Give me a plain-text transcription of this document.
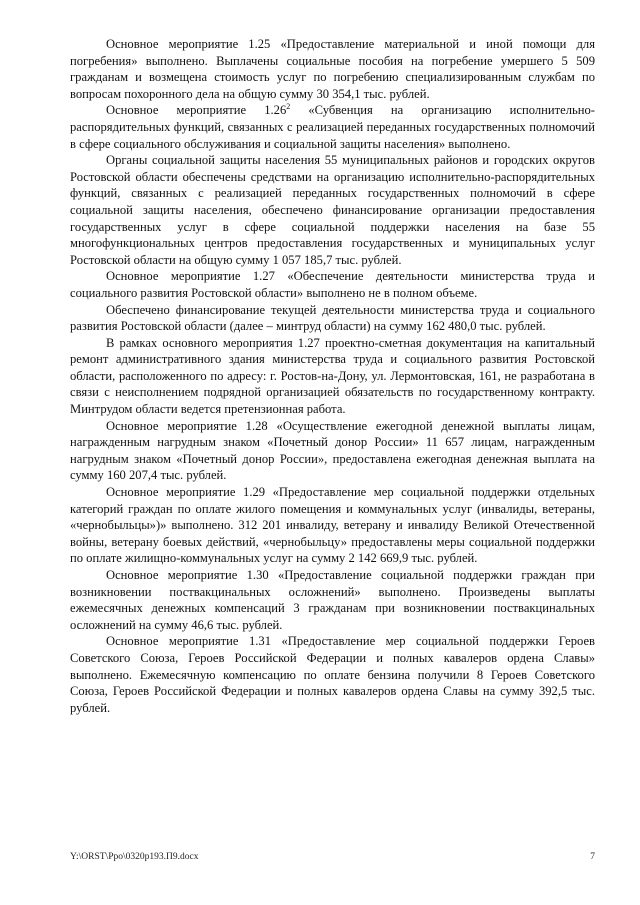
Основное мероприятие 1.25 «Предоставление материальной и иной помощи для погребения» выполнено. Выплачены социальные пособия на погребение умершего 5 509 гражданам и возмещена стоимость услуг по погребению специализированным службам по вопросам похоронного дела на общую сумму 30 354,1 тыс. рублей.

Основное мероприятие 1.26$^2$ «Субвенция на организацию исполнительно-распорядительных функций, связанных с реализацией переданных государственных полномочий в сфере социального обслуживания и социальной защиты населения» выполнено.

Органы социальной защиты населения 55 муниципальных районов и городских округов Ростовской области обеспечены средствами на организацию исполнительно-распорядительных функций, связанных с реализацией переданных государственных полномочий в сфере социальной защиты населения, обеспечено финансирование организации предоставления государственных услуг в сфере социальной поддержки населения на базе 55 многофункциональных центров предоставления государственных и муниципальных услуг Ростовской области на общую сумму 1 057 185,7 тыс. рублей.

Основное мероприятие 1.27 «Обеспечение деятельности министерства труда и социального развития Ростовской области» выполнено не в полном объеме.

Обеспечено финансирование текущей деятельности министерства труда и социального развития Ростовской области (далее – минтруд области) на сумму 162 480,0 тыс. рублей.

В рамках основного мероприятия 1.27 проектно-сметная документация на капитальный ремонт административного здания министерства труда и социального развития Ростовской области, расположенного по адресу: г. Ростов-на-Дону, ул. Лермонтовская, 161, не разработана в связи с неисполнением подрядной организацией обязательств по государственному контракту. Минтрудом области ведется претензионная работа.

Основное мероприятие 1.28 «Осуществление ежегодной денежной выплаты лицам, награжденным нагрудным знаком «Почетный донор России» 11 657 лицам, награжденным нагрудным знаком «Почетный донор России», предоставлена ежегодная денежная выплата на сумму 160 207,4 тыс. рублей.

Основное мероприятие 1.29 «Предоставление мер социальной поддержки отдельных категорий граждан по оплате жилого помещения и коммунальных услуг (инвалиды, ветераны, «чернобыльцы»)» выполнено. 312 201 инвалиду, ветерану и инвалиду Великой Отечественной войны, ветерану боевых действий, «чернобыльцу» предоставлены меры социальной поддержки по оплате жилищно-коммунальных услуг на сумму 2 142 669,9 тыс. рублей.

Основное мероприятие 1.30 «Предоставление социальной поддержки граждан при возникновении поствакцинальных осложнений» выполнено. Произведены выплаты ежемесячных денежных компенсаций 3 гражданам при возникновении поствакцинальных осложнений на сумму 46,6 тыс. рублей.

Основное мероприятие 1.31 «Предоставление мер социальной поддержки Героев Советского Союза, Героев Российской Федерации и полных кавалеров ордена Славы» выполнено. Ежемесячную компенсацию по оплате бензина получили 8 Героев Советского Союза, Героев Российской Федерации и полных кавалеров ордена Славы на сумму 392,5 тыс. рублей.

Y:\ORST\Ppo\0320p193.П9.docx	7
